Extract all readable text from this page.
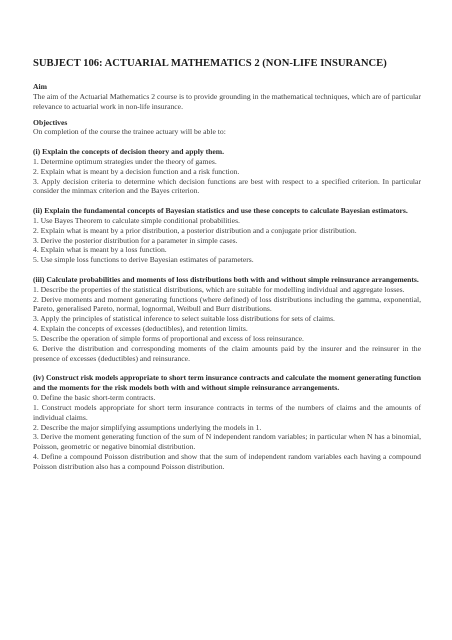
SUBJECT 106: ACTUARIAL MATHEMATICS 2 (NON-LIFE INSURANCE)

Aim

The aim of the Actuarial Mathematics 2 course is to provide grounding in the mathematical techniques, which are of particular relevance to actuarial work in non-life insurance.

Objectives

On completion of the course the trainee actuary will be able to:

(i) Explain the concepts of decision theory and apply them.

1. Determine optimum strategies under the theory of games.

2. Explain what is meant by a decision function and a risk function.

3. Apply decision criteria to determine which decision functions are best with respect to a specified criterion. In particular consider the minmax criterion and the Bayes criterion.

(ii) Explain the fundamental concepts of Bayesian statistics and use these concepts to calculate Bayesian estimators.

1. Use Bayes Theorem to calculate simple conditional probabilities.

2. Explain what is meant by a prior distribution, a posterior distribution and a conjugate prior distribution.

3. Derive the posterior distribution for a parameter in simple cases.

4. Explain what is meant by a loss function.

5. Use simple loss functions to derive Bayesian estimates of parameters.

(iii) Calculate probabilities and moments of loss distributions both with and without simple reinsurance arrangements.

1. Describe the properties of the statistical distributions, which are suitable for modelling individual and aggregate losses.

2. Derive moments and moment generating functions (where defined) of loss distributions including the gamma, exponential, Pareto, generalised Pareto, normal, lognormal, Weibull and Burr distributions.

3. Apply the principles of statistical inference to select suitable loss distributions for sets of claims.

4. Explain the concepts of excesses (deductibles), and retention limits.

5. Describe the operation of simple forms of proportional and excess of loss reinsurance.

6. Derive the distribution and corresponding moments of the claim amounts paid by the insurer and the reinsurer in the presence of excesses (deductibles) and reinsurance.

(iv) Construct risk models appropriate to short term insurance contracts and calculate the moment generating function and the moments for the risk models both with and without simple reinsurance arrangements.

0. Define the basic short-term contracts.

1. Construct models appropriate for short term insurance contracts in terms of the numbers of claims and the amounts of individual claims.

2. Describe the major simplifying assumptions underlying the models in 1.

3. Derive the moment generating function of the sum of N independent random variables; in particular when N has a binomial, Poisson, geometric or negative binomial distribution.

4. Define a compound Poisson distribution and show that the sum of independent random variables each having a compound Poisson distribution also has a compound Poisson distribution.
